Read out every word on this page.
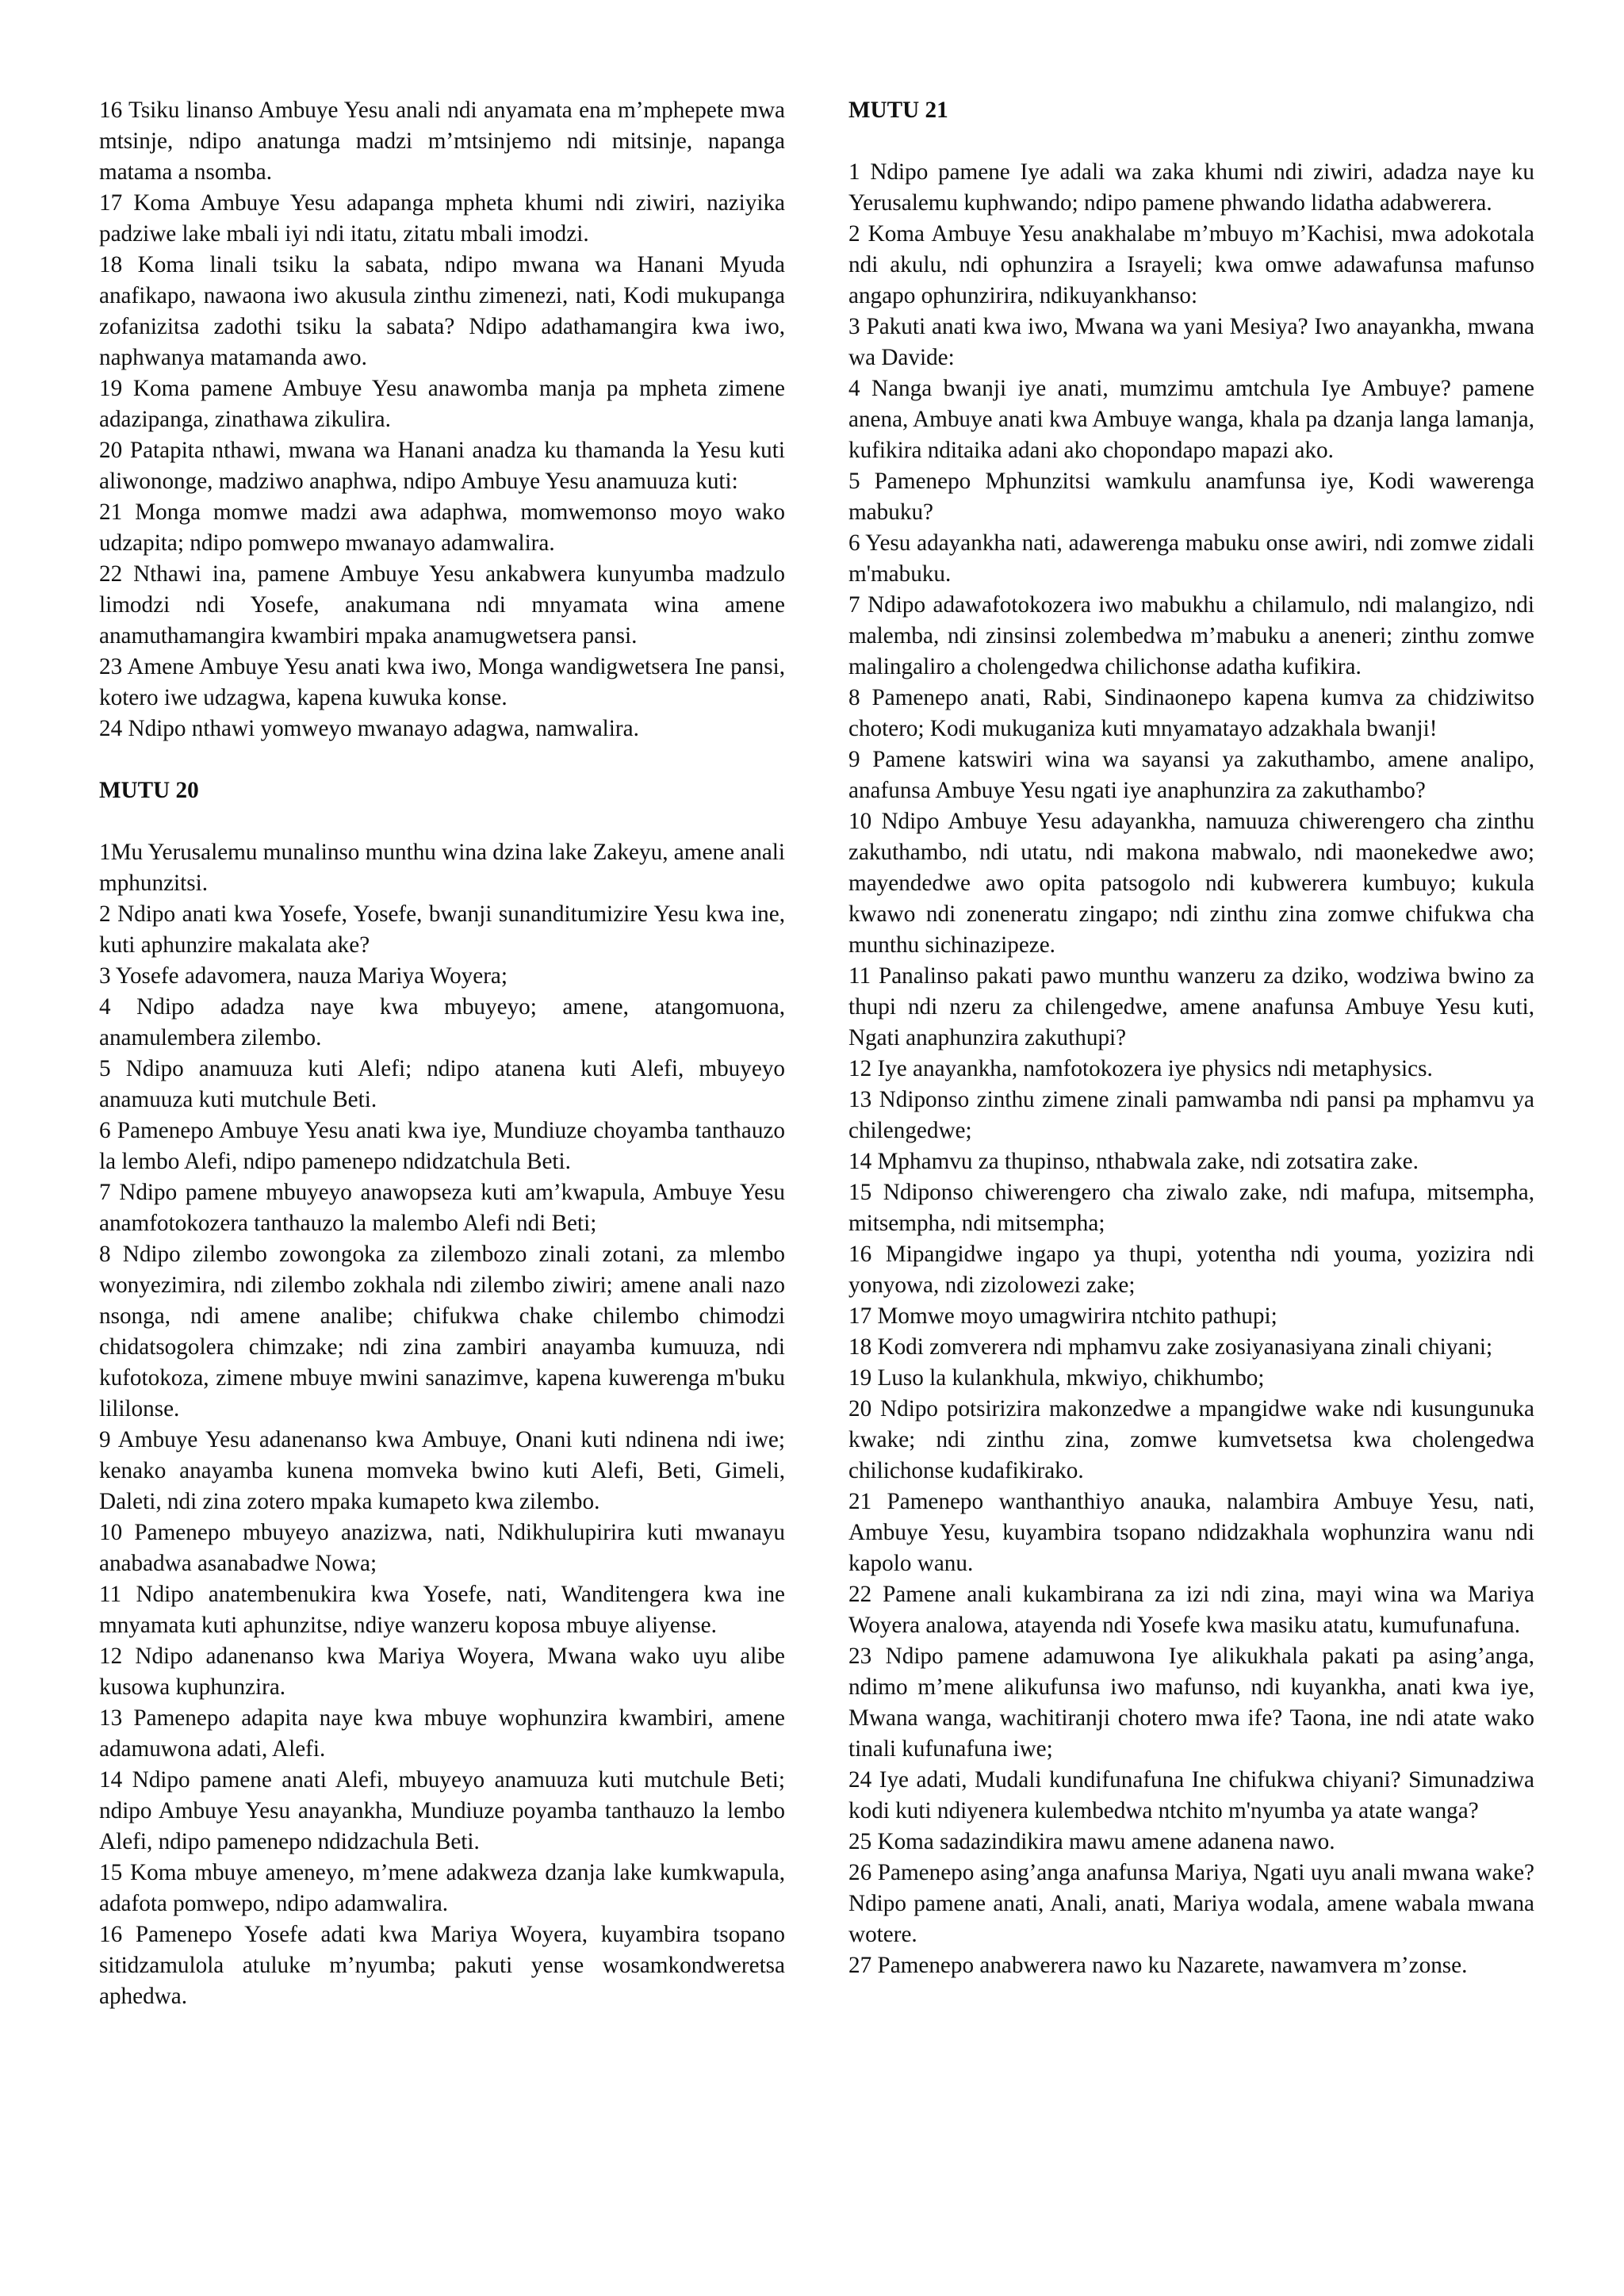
16 Tsiku linanso Ambuye Yesu anali ndi anyamata ena m’mphepete mwa mtsinje, ndipo anatunga madzi m’mtsinjemo ndi mitsinje, napanga matama a nsomba.

17 Koma Ambuye Yesu adapanga mpheta khumi ndi ziwiri, naziyika padziwe lake mbali iyi ndi itatu, zitatu mbali imodzi.

18 Koma linali tsiku la sabata, ndipo mwana wa Hanani Myuda anafikapo, nawaona iwo akusula zinthu zimenezi, nati, Kodi mukupanga zofanizitsa zadothi tsiku la sabata? Ndipo adathamangira kwa iwo, naphwanya matamanda awo.

19 Koma pamene Ambuye Yesu anawomba manja pa mpheta zimene adazipanga, zinathawa zikulira.

20 Patapita nthawi, mwana wa Hanani anadza ku thamanda la Yesu kuti aliwononge, madziwo anaphwa, ndipo Ambuye Yesu anamuuza kuti:

21 Monga momwe madzi awa adaphwa, momwemonso moyo wako udzapita; ndipo pomwepo mwanayo adamwalira.

22 Nthawi ina, pamene Ambuye Yesu ankabwera kunyumba madzulo limodzi ndi Yosefe, anakumana ndi mnyamata wina amene anamuthamangira kwambiri mpaka anamugwetsera pansi.

23 Amene Ambuye Yesu anati kwa iwo, Monga wandigwetsera Ine pansi, kotero iwe udzagwa, kapena kuwuka konse.

24 Ndipo nthawi yomweyo mwanayo adagwa, namwalira.

MUTU 20

1Mu Yerusalemu munalinso munthu wina dzina lake Zakeyu, amene anali mphunzitsi.

2 Ndipo anati kwa Yosefe, Yosefe, bwanji sunanditumizire Yesu kwa ine, kuti aphunzire makalata ake?

3 Yosefe adavomera, nauza Mariya Woyera;

4 Ndipo adadza naye kwa mbuyeyo; amene, atangomuona, anamulembera zilembo.

5 Ndipo anamuuza kuti Alefi; ndipo atanena kuti Alefi, mbuyeyo anamuuza kuti mutchule Beti.

6 Pamenepo Ambuye Yesu anati kwa iye, Mundiuze choyamba tanthauzo la lembo Alefi, ndipo pamenepo ndidzatchula Beti.

7 Ndipo pamene mbuyeyo anawopseza kuti am’kwapula, Ambuye Yesu anamfotokozera tanthauzo la malembo Alefi ndi Beti;

8 Ndipo zilembo zowongoka za zilembozo zinali zotani, za mlembo wonyezimira, ndi zilembo zokhala ndi zilembo ziwiri; amene anali nazo nsonga, ndi amene analibe; chifukwa chake chilembo chimodzi chidatsogolera chimzake; ndi zina zambiri anayamba kumuuza, ndi kufotokoza, zimene mbuye mwini sanazimve, kapena kuwerenga m'buku lililonse.

9 Ambuye Yesu adanenanso kwa Ambuye, Onani kuti ndinena ndi iwe; kenako anayamba kunena momveka bwino kuti Alefi, Beti, Gimeli, Daleti, ndi zina zotero mpaka kumapeto kwa zilembo.

10 Pamenepo mbuyeyo anazizwa, nati, Ndikhulupirira kuti mwanayu anabadwa asanabadwe Nowa;

11 Ndipo anatembenukira kwa Yosefe, nati, Wanditengera kwa ine mnyamata kuti aphunzitse, ndiye wanzeru koposa mbuye aliyense.

12 Ndipo adanenanso kwa Mariya Woyera, Mwana wako uyu alibe kusowa kuphunzira.

13 Pamenepo adapita naye kwa mbuye wophunzira kwambiri, amene adamuwona adati, Alefi.

14 Ndipo pamene anati Alefi, mbuyeyo anamuuza kuti mutchule Beti; ndipo Ambuye Yesu anayankha, Mundiuze poyamba tanthauzo la lembo Alefi, ndipo pamenepo ndidzachula Beti.

15 Koma mbuye ameneyo, m’mene adakweza dzanja lake kumkwapula, adafota pomwepo, ndipo adamwalira.

16 Pamenepo Yosefe adati kwa Mariya Woyera, kuyambira tsopano sitidzamulola atuluke m’nyumba; pakuti yense wosamkondweretsa aphedwa.

MUTU 21

1 Ndipo pamene Iye adali wa zaka khumi ndi ziwiri, adadza naye ku Yerusalemu kuphwando; ndipo pamene phwando lidatha adabwerera.

2 Koma Ambuye Yesu anakhalabe m’mbuyo m’Kachisi, mwa adokotala ndi akulu, ndi ophunzira a Israyeli; kwa omwe adawafunsa mafunso angapo ophunzirira, ndikuyankhanso:

3 Pakuti anati kwa iwo, Mwana wa yani Mesiya? Iwo anayankha, mwana wa Davide:

4 Nanga bwanji iye anati, mumzimu amtchula Iye Ambuye? pamene anena, Ambuye anati kwa Ambuye wanga, khala pa dzanja langa lamanja, kufikira nditaika adani ako chopondapo mapazi ako.

5 Pamenepo Mphunzitsi wamkulu anamfunsa iye, Kodi wawerenga mabuku?

6 Yesu adayankha nati, adawerenga mabuku onse awiri, ndi zomwe zidali m'mabuku.

7 Ndipo adawafotokozera iwo mabukhu a chilamulo, ndi malangizo, ndi malemba, ndi zinsinsi zolembedwa m’mabuku a aneneri; zinthu zomwe malingaliro a cholengedwa chilichonse adatha kufikira.

8 Pamenepo anati, Rabi, Sindinaonepo kapena kumva za chidziwitso chotero; Kodi mukuganiza kuti mnyamatayo adzakhala bwanji!

9 Pamene katswiri wina wa sayansi ya zakuthambo, amene analipo, anafunsa Ambuye Yesu ngati iye anaphunzira za zakuthambo?

10 Ndipo Ambuye Yesu adayankha, namuuza chiwerengero cha zinthu zakuthambo, ndi utatu, ndi makona mabwalo, ndi maonekedwe awo; mayendedwe awo opita patsogolo ndi kubwerera kumbuyo; kukula kwawo ndi zoneneratu zingapo; ndi zinthu zina zomwe chifukwa cha munthu sichinazipeze.

11 Panalinso pakati pawo munthu wanzeru za dziko, wodziwa bwino za thupi ndi nzeru za chilengedwe, amene anafunsa Ambuye Yesu kuti, Ngati anaphunzira zakuthupi?

12 Iye anayankha, namfotokozera iye physics ndi metaphysics.

13 Ndiponso zinthu zimene zinali pamwamba ndi pansi pa mphamvu ya chilengedwe;

14 Mphamvu za thupinso, nthabwala zake, ndi zotsatira zake.

15 Ndiponso chiwerengero cha ziwalo zake, ndi mafupa, mitsempha, mitsempha, ndi mitsempha;

16 Mipangidwe ingapo ya thupi, yotentha ndi youma, yozizira ndi yonyowa, ndi zizolowezi zake;

17 Momwe moyo umagwirira ntchito pathupi;

18 Kodi zomverera ndi mphamvu zake zosiyanasiyana zinali chiyani;

19 Luso la kulankhula, mkwiyo, chikhumbo;

20 Ndipo potsirizira makonzedwe a mpangidwe wake ndi kusungunuka kwake; ndi zinthu zina, zomwe kumvetsetsa kwa cholengedwa chilichonse kudafikirako.

21 Pamenepo wanthanthiyo anauka, nalambira Ambuye Yesu, nati, Ambuye Yesu, kuyambira tsopano ndidzakhala wophunzira wanu ndi kapolo wanu.

22 Pamene anali kukambirana za izi ndi zina, mayi wina wa Mariya Woyera analowa, atayenda ndi Yosefe kwa masiku atatu, kumufunafuna.

23 Ndipo pamene adamuwona Iye alikukhala pakati pa asing’anga, ndimo m’mene alikufunsa iwo mafunso, ndi kuyankha, anati kwa iye, Mwana wanga, wachitiranji chotero mwa ife? Taona, ine ndi atate wako tinali kufunafuna iwe;

24 Iye adati, Mudali kundifunafuna Ine chifukwa chiyani? Simunadziwa kodi kuti ndiyenera kulembedwa ntchito m'nyumba ya atate wanga?

25 Koma sadazindikira mawu amene adanena nawo.

26 Pamenepo asing’anga anafunsa Mariya, Ngati uyu anali mwana wake? Ndipo pamene anati, Anali, anati, Mariya wodala, amene wabala mwana wotere.

27 Pamenepo anabwerera nawo ku Nazarete, nawamvera m’zonse.
